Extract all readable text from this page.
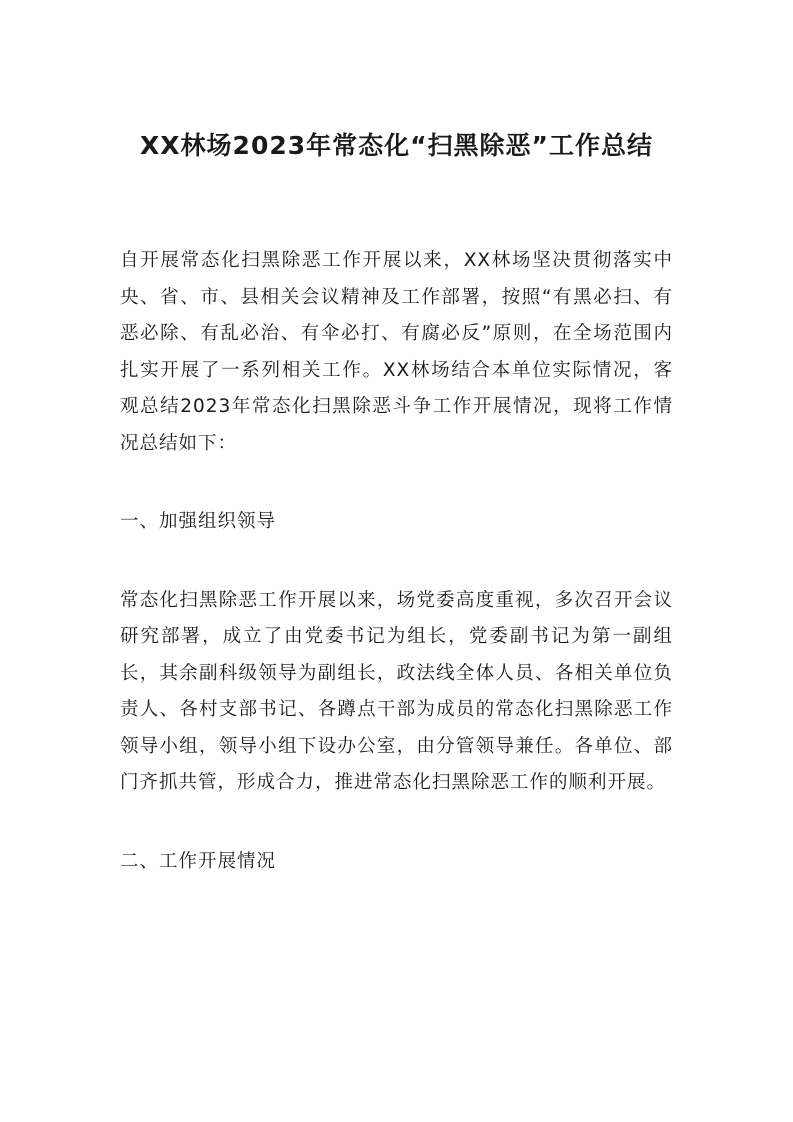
XX林场2023年常态化“扫黑除恶”工作总结

自开展常态化扫黑除恶工作开展以来，XX林场坚决贯彻落实中央、省、市、县相关会议精神及工作部署，按照“有黑必扫、有恶必除、有乱必治、有伞必打、有腐必反”原则，在全场范围内扎实开展了一系列相关工作。XX林场结合本单位实际情况，客观总结2023年常态化扫黑除恶斗争工作开展情况，现将工作情况总结如下：

一、加强组织领导

常态化扫黑除恶工作开展以来，场党委高度重视，多次召开会议研究部署，成立了由党委书记为组长，党委副书记为第一副组长，其余副科级领导为副组长，政法线全体人员、各相关单位负责人、各村支部书记、各蹲点干部为成员的常态化扫黑除恶工作领导小组，领导小组下设办公室，由分管领导兼任。各单位、部门齐抓共管，形成合力，推进常态化扫黑除恶工作的顺利开展。

二、工作开展情况
